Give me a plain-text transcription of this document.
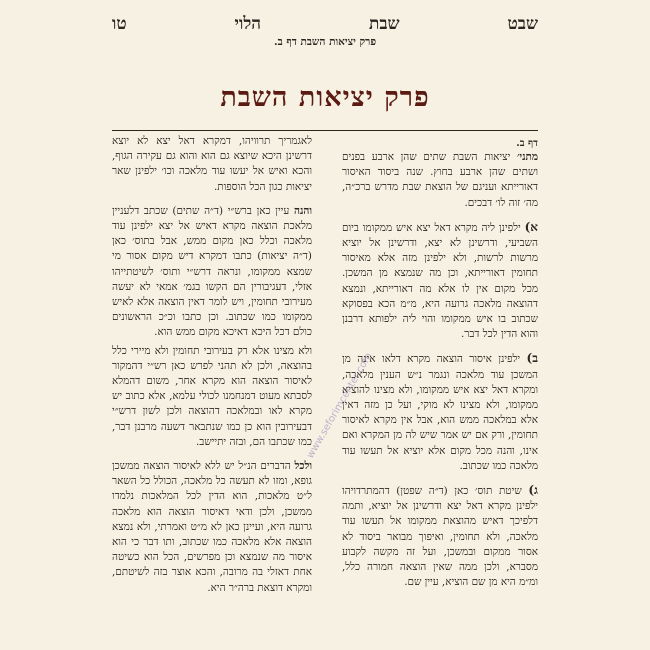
שבט
שבת
הלוי
טו
פרק יציאות השבת דף ב.
פרק יציאות השבת
דף ב.

מתני׳ יציאות השבת שתים שהן ארבע בפנים ושתים שהן ארבע בחוץ. שנה ביסוד האיסור דאורייתא ועניגם של הוצאת שבת מדרש ברכ״ה, מה׳ זוה לו׳ דבכים.

א) ילפינן ליה מקרא דאל יצא איש ממקומו ביום השביעי, ודרשינן לא יצא, ודרשינן אל יוציא מרשות לרשות, ולא ילפינן מזה אלא מאיסור תחומין דאורייתא, וכן מה שנמצא מן המשכן. מכל מקום אין לו אלא מה דאורייתא, ונמצא דהוצאה מלאכה גרועה היא, מ״מ הכא בפסוקא שכתוב בו איש ממקומו והוי ליה ילפותא דרבנן והוא הדין לכל דבר.

ב) ילפינן איסור הוצאה מקרא דלאו אינה מן המשכן עוד מלאכה ונגמר נ״ש הענין מלאכה, ומקרא דאל יצא איש ממקומו, ולא מצינו להוציא ממקומו, ולא מצינו לא מוקי, ועל כן מזה דאין אלא במלאכה ממש הוא, אבל אין מקרא לאיסור תחומין, ורק אם יש אמר שיש לה מן המקרא ואם אינו, והנה מכל מקום אלא יוציא אל תעשו עוד מלאכה כמו שכתוב.

ג) שיטת תוס׳ כאן (ד״ה שפטן) דהמתרדויהו ילפינן מקרא דאל יצא ודרשינן אל יוציא, ותמה דלפיכך דאיש מהוצאת ממקומו אל תעשו עוד מלאכה, ולא תחומין, ואיפוך מבואר ביסוד לא אסור ממקום ובמשכן, ועל זה מקשה לקבוע מסברא, ולכן ממה שאין הוצאה חמורה כלל, ומ״מ היא מן שם הוציא, עיין שם.

לאגמריך תרוויהו, דמקרא דאל יצא לא יוצא דרשינן היכא שיוצא גם הוא והוא גם עקירה הגוף, והכא ואיש אל יעשו עוד מלאכה וכו׳ ילפינן שאר יציאות כגון הכל הוספות.

והנה עיין כאן ברש״י (ד״ה שתים) שכתב דלעניין מלאכת הוצאה מקרא דאיש אל יצא ילפינן עוד מלאכה וכלל כאן מקום ממש, אבל בתוס׳ כאן (ד״ה יציאות) כתבו דמקרא דיש מקום אסור מי שמצא ממקומו, ונראה דרש״י ותוס׳ לשיטתייהו אזלי, דעגיבורין הם הקשו בגמ׳ אמאי לא יעשה מעירובי תחומין, ויש לומר דאין הוצאה אלא לאיש ממקומו כמו שכתוב. וכן כתבו וכ״כ הראשונים כולם דכל היכא דאיכא מקום ממש הוא.

ולא מצינו אלא רק בעירובי תחומין ולא מיירי כלל בהוצאה, ולכן לא תהני לפרש כאן רש״י דהמקור לאיסור הוצאה הוא מקרא אחר, משום דהמלא לסבתא מעוט דמנחמנו לכולי עלמא, אלא כתוב יש מקרא לאו ובמלאכה דהוצאה ולכן לשון דרש״י דבעירובין הוא כן כמו שנתבאר דשעה מרבנן דבר, כמו שכתבו הם, ובזה יתיישב.

ולכל הדברים הנ״ל יש ללא לאיסור הוצאה ממשכן גופא, ומזו לא תעשה כל מלאכה, הכולל כל השאר ל״ט מלאכות, הוא הדין לכל המלאכות נלמדו ממשכן, ולכן ודאי דאיסור הוצאה הוא מלאכה גרועה היא, ועיינן כאן לא מ״ט ואמרתי, ולא נמצא הוצאה אלא מלאכה כמו שכתוב, ותו דבר כי הוא איסור מה שנמצא וכן מפרשים, הכל הוא כשיטה אחת דאזלי בה מרובה, והכא אוצר בזה לשיטתם, ומקרא דוצאת ברה״ר היא.

www.seforimcenter.com
